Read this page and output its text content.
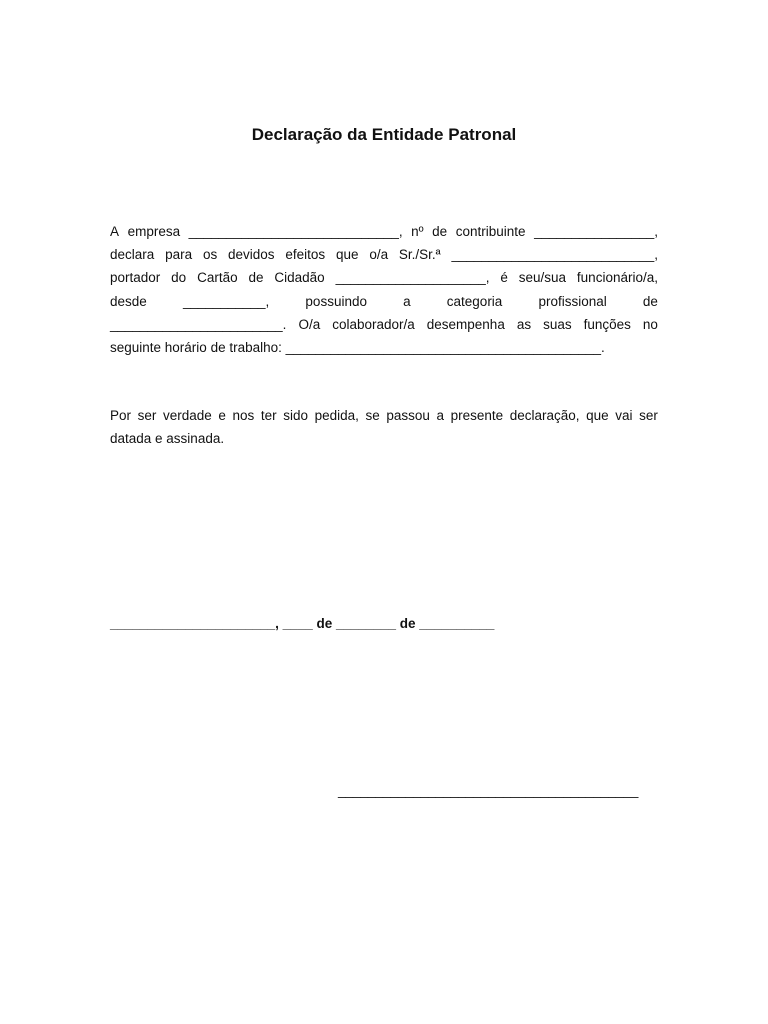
Declaração da Entidade Patronal
A empresa ____________________________, nº de contribuinte ________________,
declara para os devidos efeitos que o/a Sr./Sr.ª ___________________________,
portador do Cartão de Cidadão ____________________, é seu/sua funcionário/a,
desde	___________,	possuindo	a	categoria	profissional	de
_______________________. O/a colaborador/a desempenha as suas funções no
seguinte horário de trabalho: __________________________________________.
Por ser verdade e nos ter sido pedida, se passou a presente declaração, que vai ser
datada e assinada.

______________________, ____ de ________ de __________

________________________________________
